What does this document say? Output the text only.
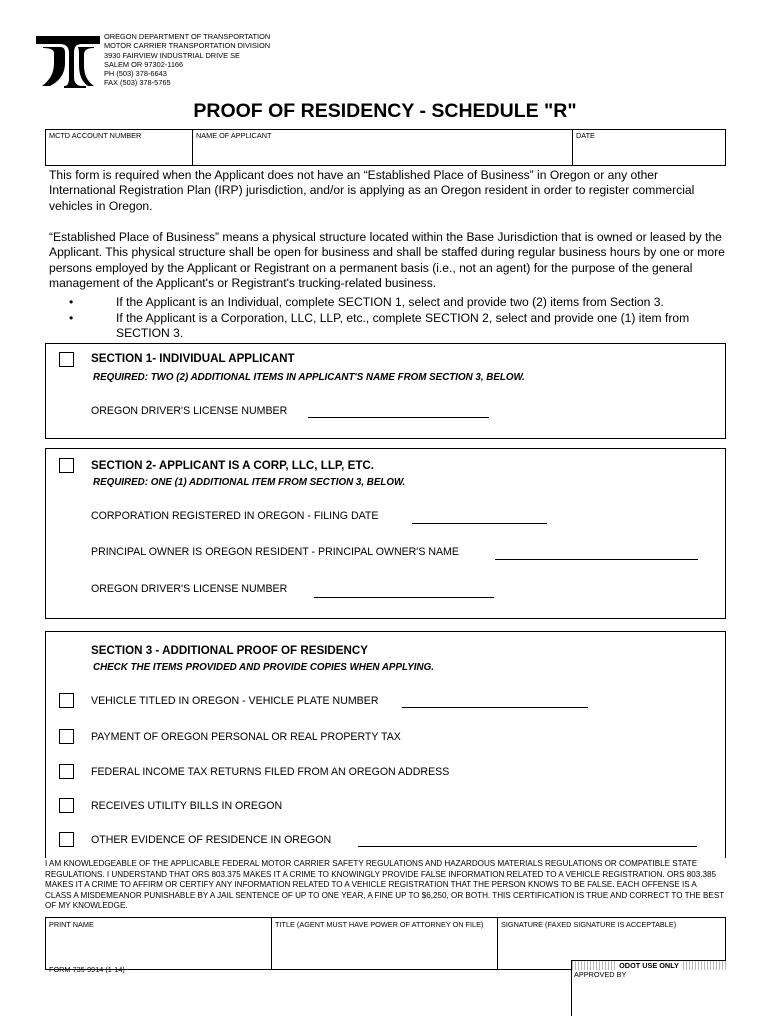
OREGON DEPARTMENT OF TRANSPORTATION
MOTOR CARRIER TRANSPORTATION DIVISION
3930 FAIRVIEW INDUSTRIAL DRIVE SE
SALEM OR 97302-1166
PH (503) 378-6643
FAX (503) 378-5765
PROOF OF RESIDENCY - SCHEDULE "R"
MCTD ACCOUNT NUMBER	NAME OF APPLICANT	DATE
This form is required when the Applicant does not have an “Established Place of Business” in Oregon or any other International Registration Plan (IRP) jurisdiction, and/or is applying as an Oregon resident in order to register commercial vehicles in Oregon.
“Established Place of Business” means a physical structure located within the Base Jurisdiction that is owned or leased by the Applicant. This physical structure shall be open for business and shall be staffed during regular business hours by one or more persons employed by the Applicant or Registrant on a permanent basis (i.e., not an agent) for the purpose of the general management of the Applicant's or Registrant's trucking-related business.
•	If the Applicant is an Individual, complete SECTION 1, select and provide two (2) items from Section 3.
•	If the Applicant is a Corporation, LLC, LLP, etc., complete SECTION 2, select and provide one (1) item from SECTION 3.
SECTION 1- INDIVIDUAL APPLICANT
REQUIRED: TWO (2) ADDITIONAL ITEMS IN APPLICANT'S NAME FROM SECTION 3, BELOW.
OREGON DRIVER'S LICENSE NUMBER
SECTION 2- APPLICANT IS A CORP, LLC, LLP, ETC.
REQUIRED: ONE (1) ADDITIONAL ITEM FROM SECTION 3, BELOW.
CORPORATION REGISTERED IN OREGON - FILING DATE
PRINCIPAL OWNER IS OREGON RESIDENT - PRINCIPAL OWNER'S NAME
OREGON DRIVER'S LICENSE NUMBER
SECTION 3 - ADDITIONAL PROOF OF RESIDENCY
CHECK THE ITEMS PROVIDED AND PROVIDE COPIES WHEN APPLYING.
VEHICLE TITLED IN OREGON - VEHICLE PLATE NUMBER
PAYMENT OF OREGON PERSONAL OR REAL PROPERTY TAX
FEDERAL INCOME TAX RETURNS FILED FROM AN OREGON ADDRESS
RECEIVES UTILITY BILLS IN OREGON
OTHER EVIDENCE OF RESIDENCE IN OREGON
I AM KNOWLEDGEABLE OF THE APPLICABLE FEDERAL MOTOR CARRIER SAFETY REGULATIONS AND HAZARDOUS MATERIALS REGULATIONS OR COMPATIBLE STATE REGULATIONS. I UNDERSTAND THAT ORS 803.375 MAKES IT A CRIME TO KNOWINGLY PROVIDE FALSE INFORMATION RELATED TO A VEHICLE REGISTRATION. ORS 803.385 MAKES IT A CRIME TO AFFIRM OR CERTIFY ANY INFORMATION RELATED TO A VEHICLE REGISTRATION THAT THE PERSON KNOWS TO BE FALSE. EACH OFFENSE IS A CLASS A MISDEMEANOR PUNISHABLE BY A JAIL SENTENCE OF UP TO ONE YEAR, A FINE UP TO $6,250, OR BOTH. THIS CERTIFICATION IS TRUE AND CORRECT TO THE BEST OF MY KNOWLEDGE.
PRINT NAME	TITLE (AGENT MUST HAVE POWER OF ATTORNEY ON FILE)	SIGNATURE (FAXED SIGNATURE IS ACCEPTABLE)
FORM 735-9914 (1-14)	ODOT USE ONLY
APPROVED BY
